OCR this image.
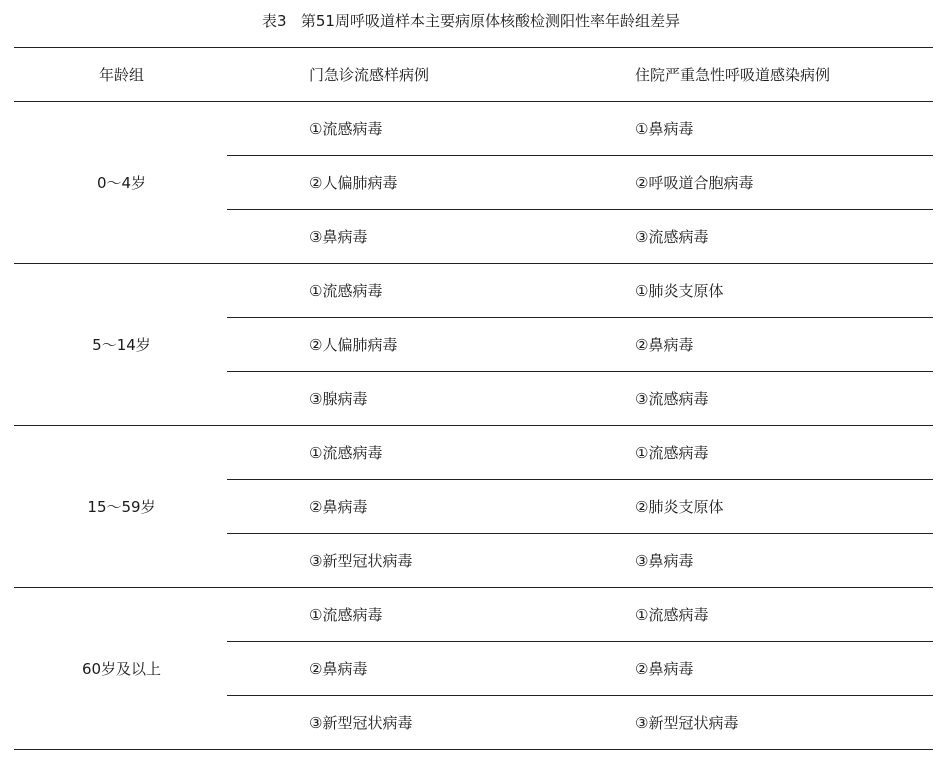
表3   第51周呼吸道样本主要病原体核酸检测阳性率年龄组差异
年龄组	门急诊流感样病例	住院严重急性呼吸道感染病例
0～4岁
①流感病毒	①鼻病毒
②人偏肺病毒	②呼吸道合胞病毒
③鼻病毒	③流感病毒
5～14岁
①流感病毒	①肺炎支原体
②人偏肺病毒	②鼻病毒
③腺病毒	③流感病毒
15～59岁
①流感病毒	①流感病毒
②鼻病毒	②肺炎支原体
③新型冠状病毒	③鼻病毒
60岁及以上
①流感病毒	①流感病毒
②鼻病毒	②鼻病毒
③新型冠状病毒	③新型冠状病毒
